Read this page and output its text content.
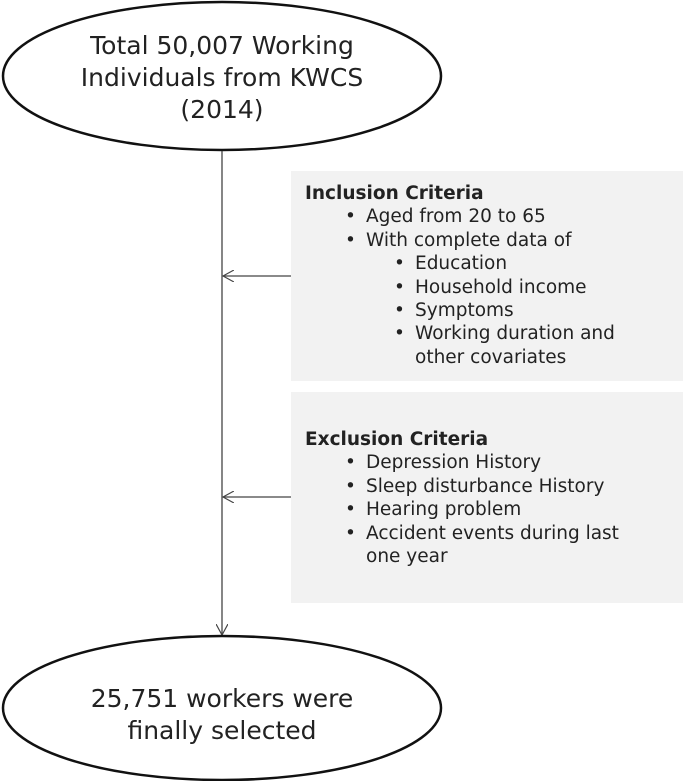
Total 50,007 Working
Individuals from KWCS
(2014)
Inclusion Criteria
• Aged from 20 to 65
• With complete data of
• Education
• Household income
• Symptoms
• Working duration and other covariates
Exclusion Criteria
• Depression History
• Sleep disturbance History
• Hearing problem
• Accident events during last one year
25,751 workers were
finally selected
